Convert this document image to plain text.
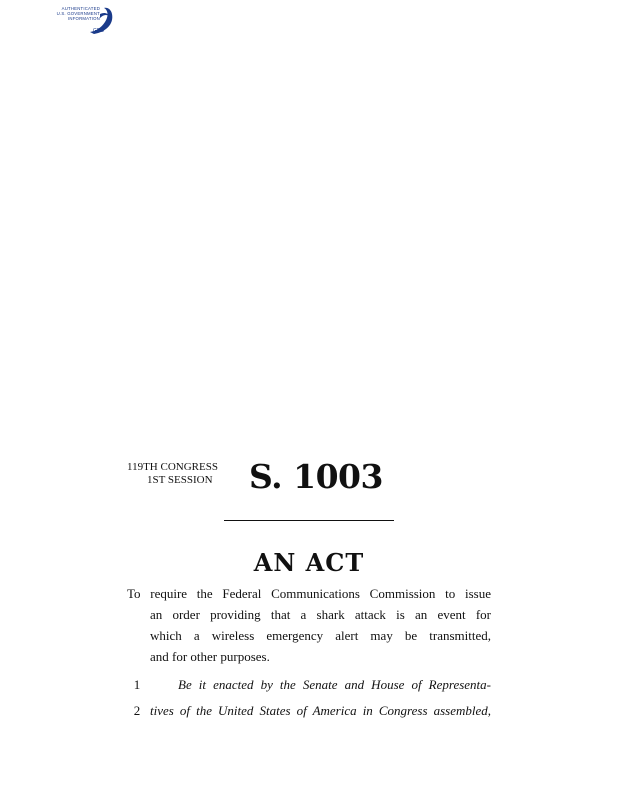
AUTHENTICATED
U.S. GOVERNMENT
INFORMATION
GPO
119TH CONGRESS
1ST SESSION	S. 1003
AN ACT
To require the Federal Communications Commission to issue
an order providing that a shark attack is an event for
which a wireless emergency alert may be transmitted,
and for other purposes.
1	Be it enacted by the Senate and House of Representa-
2 tives of the United States of America in Congress assembled,
